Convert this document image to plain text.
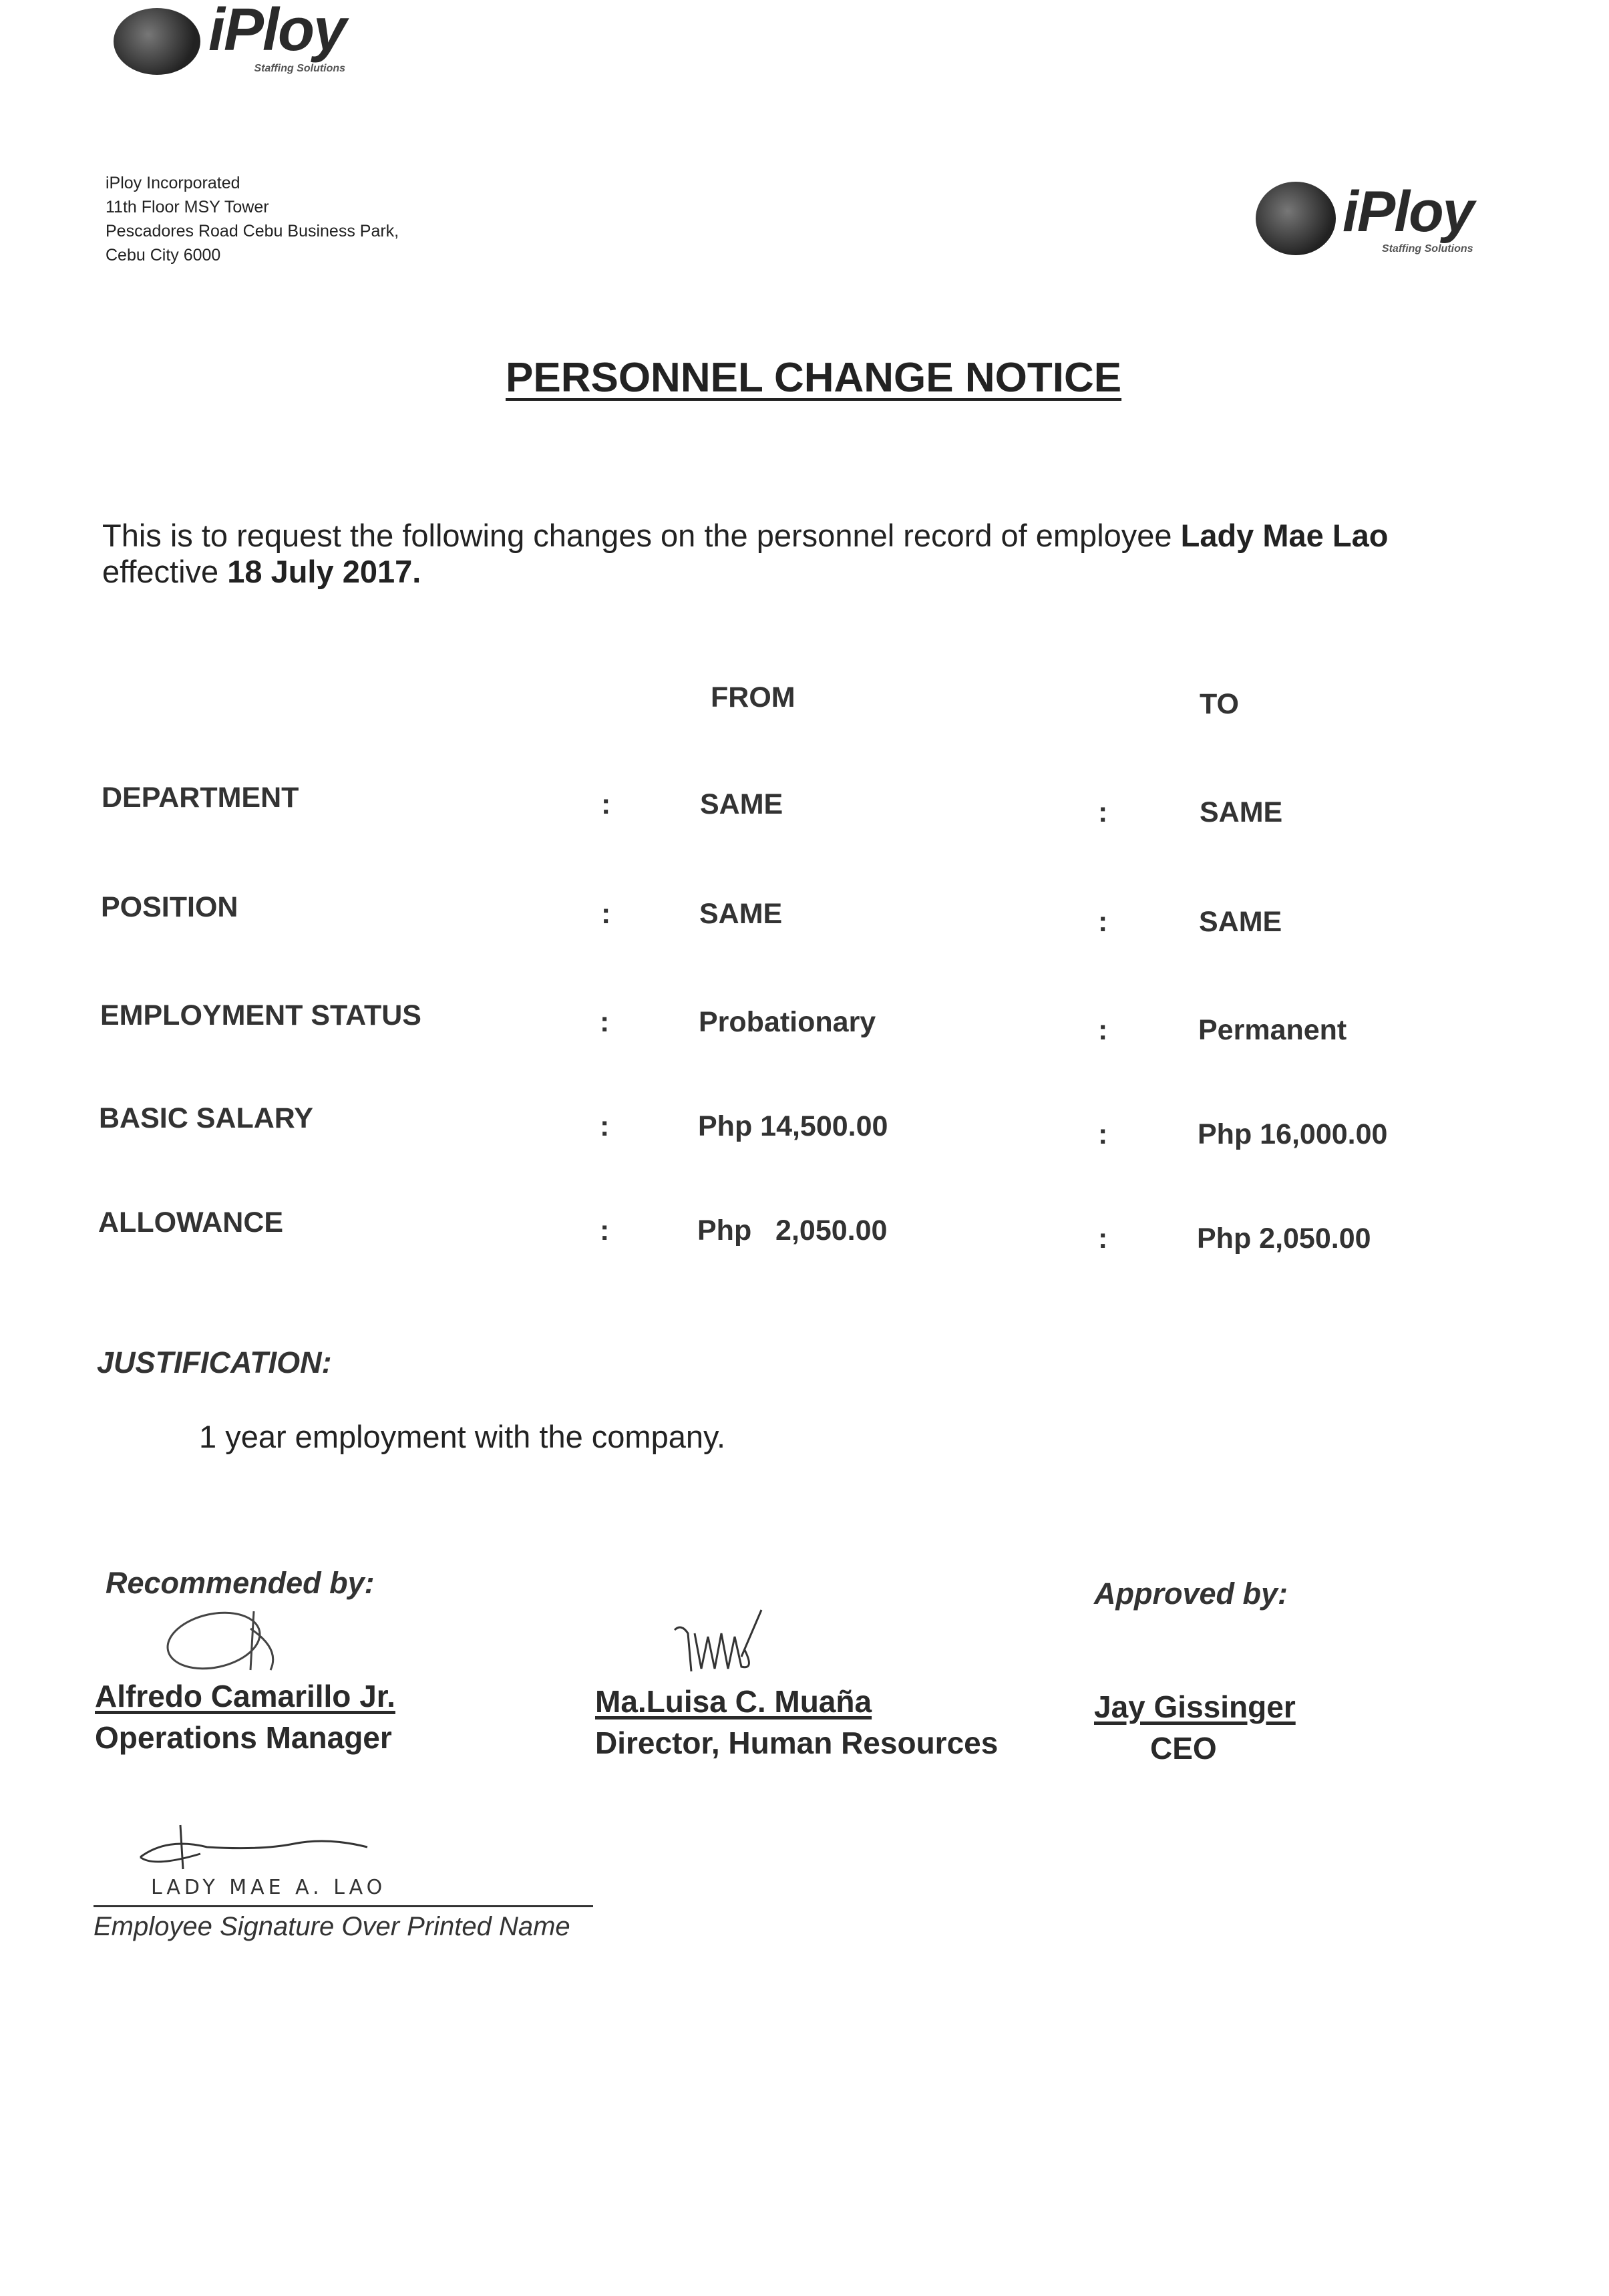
iPloy
Staffing Solutions
iPloy Incorporated
11th Floor MSY Tower
Pescadores Road Cebu Business Park,
Cebu City 6000
iPloy
Staffing Solutions
PERSONNEL CHANGE NOTICE
This is to request the following changes on the personnel record of employee Lady Mae Lao
effective 18 July 2017.
FROM	TO
DEPARTMENT	:	SAME	:	SAME
POSITION	:	SAME	:	SAME
EMPLOYMENT STATUS	:	Probationary	:	Permanent
BASIC SALARY	:	Php 14,500.00	:	Php 16,000.00
ALLOWANCE	:	Php   2,050.00	:	Php 2,050.00
JUSTIFICATION:
1 year employment with the company.
Recommended by:	Approved by:
Alfredo Camarillo Jr.
Operations Manager
Ma.Luisa C. Muaña
Director, Human Resources
Jay Gissinger
CEO
LADY MAE A. LAO
Employee Signature Over Printed Name
